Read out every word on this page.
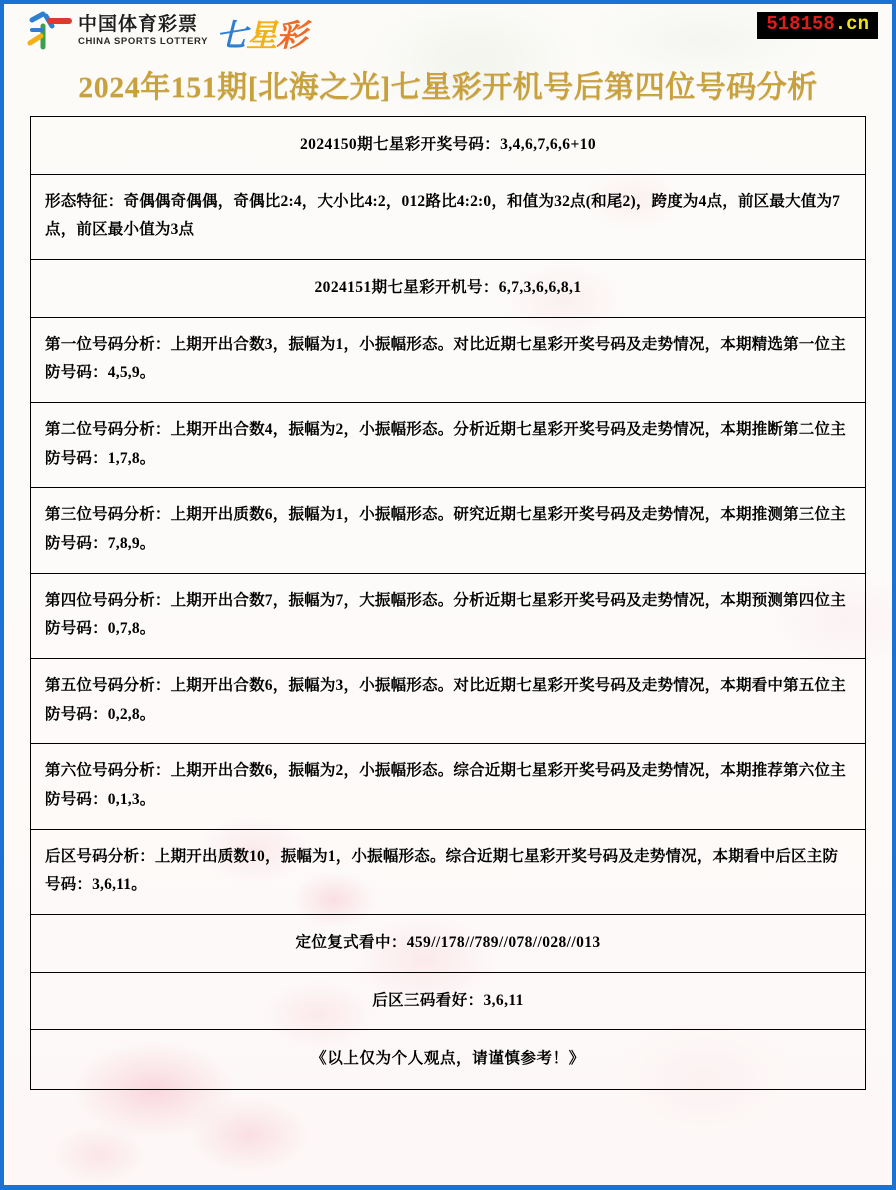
中国体育彩票
CHINA SPORTS LOTTERY 七星彩	518158.cn
2024年151期[北海之光]七星彩开机号后第四位号码分析
2024150期七星彩开奖号码：3,4,6,7,6,6+10
形态特征：奇偶偶奇偶偶，奇偶比2:4，大小比4:2，012路比4:2:0，和值为32点(和尾2)，跨度为4点，前区最大值为7点，前区最小值为3点
2024151期七星彩开机号：6,7,3,6,6,8,1
第一位号码分析：上期开出合数3，振幅为1，小振幅形态。对比近期七星彩开奖号码及走势情况，本期精选第一位主防号码：4,5,9。
第二位号码分析：上期开出合数4，振幅为2，小振幅形态。分析近期七星彩开奖号码及走势情况，本期推断第二位主防号码：1,7,8。
第三位号码分析：上期开出质数6，振幅为1，小振幅形态。研究近期七星彩开奖号码及走势情况，本期推测第三位主防号码：7,8,9。
第四位号码分析：上期开出合数7，振幅为7，大振幅形态。分析近期七星彩开奖号码及走势情况，本期预测第四位主防号码：0,7,8。
第五位号码分析：上期开出合数6，振幅为3，小振幅形态。对比近期七星彩开奖号码及走势情况，本期看中第五位主防号码：0,2,8。
第六位号码分析：上期开出合数6，振幅为2，小振幅形态。综合近期七星彩开奖号码及走势情况，本期推荐第六位主防号码：0,1,3。
后区号码分析：上期开出质数10，振幅为1，小振幅形态。综合近期七星彩开奖号码及走势情况，本期看中后区主防号码：3,6,11。
定位复式看中：459//178//789//078//028//013
后区三码看好：3,6,11
《以上仅为个人观点，请谨慎参考！》
